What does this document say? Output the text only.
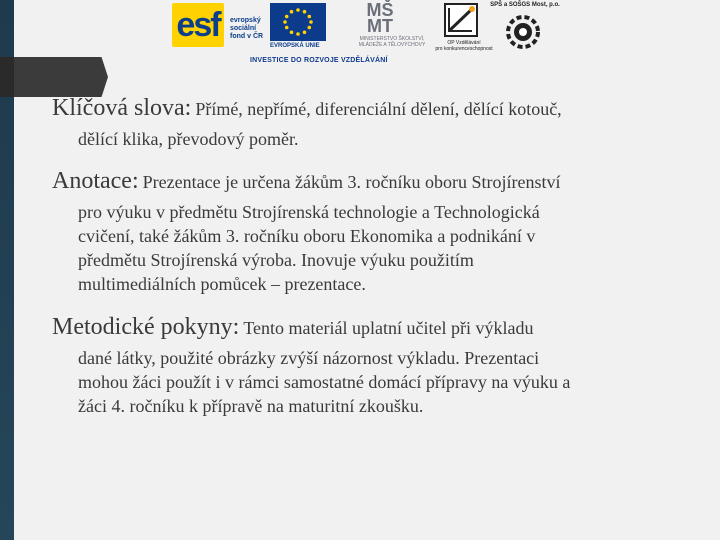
esf	evropský
sociální
fond v ČR
EVROPSKÁ UNIE
MŠ
MT
MINISTERSTVO ŠKOLSTVÍ,
MLÁDEŽE A TĚLOVÝCHOVY	OP Vzdělávání
pro konkurenceschopnost
SPŠ a SOŠGS Most, p.o.
INVESTICE DO ROZVOJE VZDĚLÁVÁNÍ

Klíčová slova: Přímé, nepřímé, diferenciální dělení, dělící kotouč,
dělící klika, převodový poměr.

Anotace: Prezentace je určena žákům 3. ročníku oboru Strojírenství
pro výuku v předmětu Strojírenská technologie a Technologická
cvičení, také žákům 3. ročníku oboru Ekonomika a podnikání v
předmětu Strojírenská výroba. Inovuje výuku použitím
multimediálních pomůcek – prezentace.

Metodické pokyny: Tento materiál uplatní učitel při výkladu
dané látky, použité obrázky zvýší názornost výkladu. Prezentaci
mohou žáci použít i v rámci samostatné domácí přípravy na výuku a
žáci 4. ročníku k přípravě na maturitní zkoušku.
